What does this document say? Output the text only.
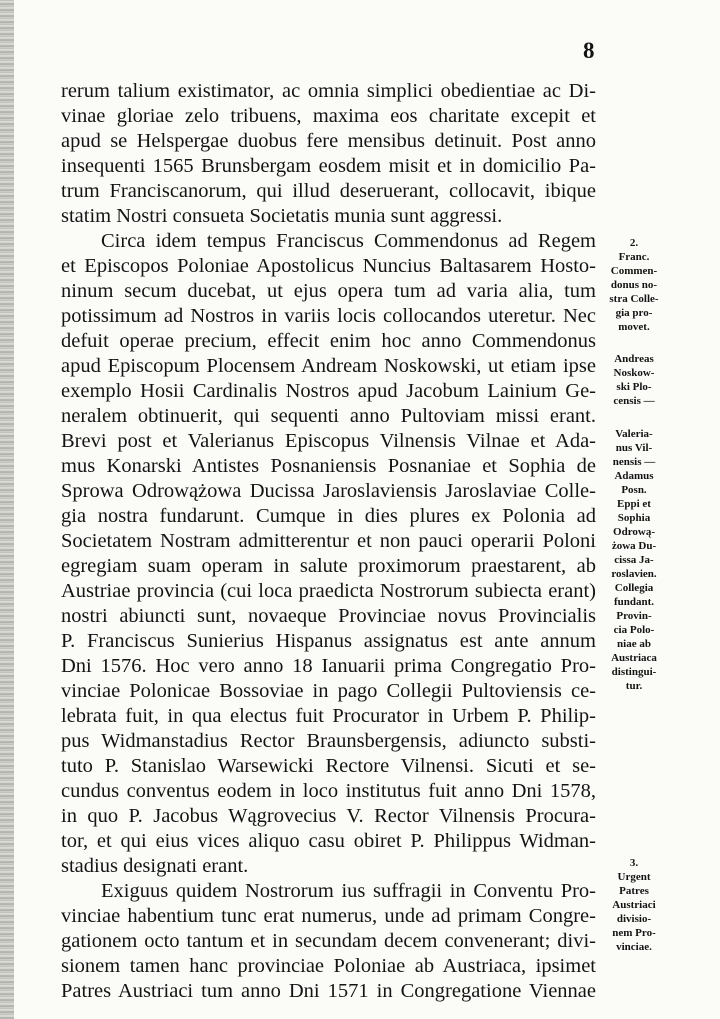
8
rerum talium existimator, ac omnia simplici obedientiae ac Di-
vinae gloriae zelo tribuens, maxima eos charitate excepit et
apud se Helspergae duobus fere mensibus detinuit. Post anno
insequenti 1565 Brunsbergam eosdem misit et in domicilio Pa-
trum Franciscanorum, qui illud deseruerant, collocavit, ibique
statim Nostri consueta Societatis munia sunt aggressi.
Circa idem tempus Franciscus Commendonus ad Regem
et Episcopos Poloniae Apostolicus Nuncius Baltasarem Hosto-
ninum secum ducebat, ut ejus opera tum ad varia alia, tum
potissimum ad Nostros in variis locis collocandos uteretur. Nec
defuit operae precium, effecit enim hoc anno Commendonus
apud Episcopum Plocensem Andream Noskowski, ut etiam ipse
exemplo Hosii Cardinalis Nostros apud Jacobum Lainium Ge-
neralem obtinuerit, qui sequenti anno Pultoviam missi erant.
Brevi post et Valerianus Episcopus Vilnensis Vilnae et Ada-
mus Konarski Antistes Posnaniensis Posnaniae et Sophia de
Sprowa Odrowążowa Ducissa Jaroslaviensis Jaroslaviae Colle-
gia nostra fundarunt. Cumque in dies plures ex Polonia ad
Societatem Nostram admitterentur et non pauci operarii Poloni
egregiam suam operam in salute proximorum praestarent, ab
Austriae provincia (cui loca praedicta Nostrorum subiecta erant)
nostri abiuncti sunt, novaeque Provinciae novus Provincialis
P. Franciscus Sunierius Hispanus assignatus est ante annum
Dni 1576. Hoc vero anno 18 Ianuarii prima Congregatio Pro-
vinciae Polonicae Bossoviae in pago Collegii Pultoviensis ce-
lebrata fuit, in qua electus fuit Procurator in Urbem P. Philip-
pus Widmanstadius Rector Braunsbergensis, adiuncto substi-
tuto P. Stanislao Warsewicki Rectore Vilnensi. Sicuti et se-
cundus conventus eodem in loco institutus fuit anno Dni 1578,
in quo P. Jacobus Wągrovecius V. Rector Vilnensis Procura-
tor, et qui eius vices aliquo casu obiret P. Philippus Widman-
stadius designati erant.
Exiguus quidem Nostrorum ius suffragii in Conventu Pro-
vinciae habentium tunc erat numerus, unde ad primam Congre-
gationem octo tantum et in secundam decem convenerant; divi-
sionem tamen hanc provinciae Poloniae ab Austriaca, ipsimet
Patres Austriaci tum anno Dni 1571 in Congregatione Viennae
2.
Franc.
Commen-
donus no-
stra Colle-
gia pro-
movet.
Andreas
Noskow-
ski Plo-
censis —
Valeria-
nus Vil-
nensis —
Adamus
Posn.
Eppi et
Sophia
Odrową-
żowa Du-
cissa Ja-
roslavien.
Collegia
fundant.
Provin-
cia Polo-
niae ab
Austriaca
distingui-
tur.
3.
Urgent
Patres
Austriaci
divisio-
nem Pro-
vinciae.
